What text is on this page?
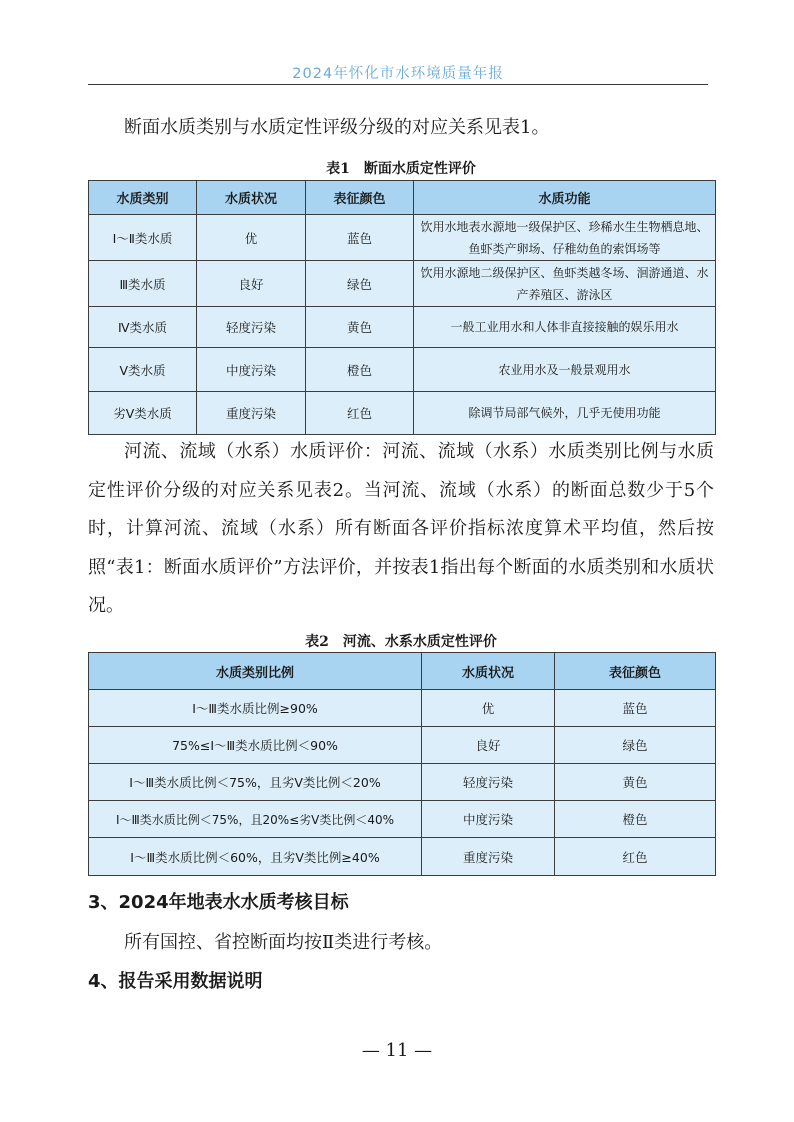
2024年怀化市水环境质量年报

断面水质类别与水质定性评级分级的对应关系见表1。

表1　断面水质定性评价

水质类别	水质状况	表征颜色	水质功能
Ⅰ～Ⅱ类水质	优	蓝色	饮用水地表水源地一级保护区、珍稀水生生物栖息地、鱼虾类产卵场、仔稚幼鱼的索饵场等
Ⅲ类水质	良好	绿色	饮用水源地二级保护区、鱼虾类越冬场、洄游通道、水产养殖区、游泳区
Ⅳ类水质	轻度污染	黄色	一般工业用水和人体非直接接触的娱乐用水
Ⅴ类水质	中度污染	橙色	农业用水及一般景观用水
劣Ⅴ类水质	重度污染	红色	除调节局部气候外，几乎无使用功能

河流、流域（水系）水质评价：河流、流域（水系）水质类别比例与水质定性评价分级的对应关系见表2。当河流、流域（水系）的断面总数少于5个时，计算河流、流域（水系）所有断面各评价指标浓度算术平均值，然后按照“表1：断面水质评价”方法评价，并按表1指出每个断面的水质类别和水质状况。

表2　河流、水系水质定性评价

水质类别比例	水质状况	表征颜色
Ⅰ～Ⅲ类水质比例≥90%	优	蓝色
75%≤Ⅰ～Ⅲ类水质比例＜90%	良好	绿色
Ⅰ～Ⅲ类水质比例＜75%，且劣Ⅴ类比例＜20%	轻度污染	黄色
Ⅰ～Ⅲ类水质比例＜75%，且20%≤劣Ⅴ类比例＜40%	中度污染	橙色
Ⅰ～Ⅲ类水质比例＜60%，且劣Ⅴ类比例≥40%	重度污染	红色

3、2024年地表水水质考核目标

所有国控、省控断面均按Ⅱ类进行考核。

4、报告采用数据说明

— 11 —
